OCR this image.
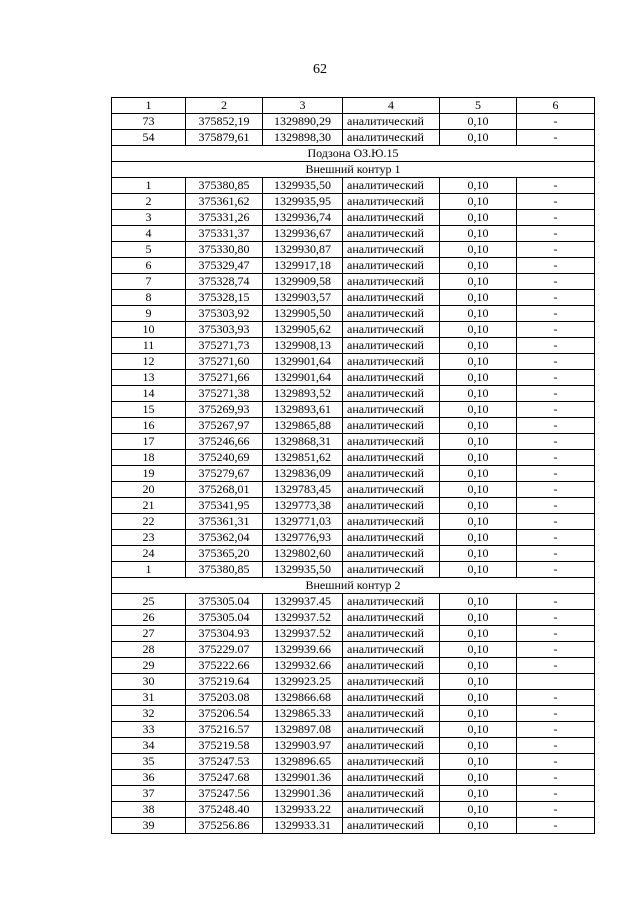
62
1	2	3	4	5	6
73	375852,19	1329890,29	аналитический	0,10	-
54	375879,61	1329898,30	аналитический	0,10	-
Подзона ОЗ.Ю.15					
Внешний контур 1					
1	375380,85	1329935,50	аналитический	0,10	-
2	375361,62	1329935,95	аналитический	0,10	-
3	375331,26	1329936,74	аналитический	0,10	-
4	375331,37	1329936,67	аналитический	0,10	-
5	375330,80	1329930,87	аналитический	0,10	-
6	375329,47	1329917,18	аналитический	0,10	-
7	375328,74	1329909,58	аналитический	0,10	-
8	375328,15	1329903,57	аналитический	0,10	-
9	375303,92	1329905,50	аналитический	0,10	-
10	375303,93	1329905,62	аналитический	0,10	-
11	375271,73	1329908,13	аналитический	0,10	-
12	375271,60	1329901,64	аналитический	0,10	-
13	375271,66	1329901,64	аналитический	0,10	-
14	375271,38	1329893,52	аналитический	0,10	-
15	375269,93	1329893,61	аналитический	0,10	-
16	375267,97	1329865,88	аналитический	0,10	-
17	375246,66	1329868,31	аналитический	0,10	-
18	375240,69	1329851,62	аналитический	0,10	-
19	375279,67	1329836,09	аналитический	0,10	-
20	375268,01	1329783,45	аналитический	0,10	-
21	375341,95	1329773,38	аналитический	0,10	-
22	375361,31	1329771,03	аналитический	0,10	-
23	375362,04	1329776,93	аналитический	0,10	-
24	375365,20	1329802,60	аналитический	0,10	-
1	375380,85	1329935,50	аналитический	0,10	-
Внешний контур 2					
25	375305.04	1329937.45	аналитический	0,10	-
26	375305.04	1329937.52	аналитический	0,10	-
27	375304.93	1329937.52	аналитический	0,10	-
28	375229.07	1329939.66	аналитический	0,10	-
29	375222.66	1329932.66	аналитический	0,10	-
30	375219.64	1329923.25	аналитический	0,10	
31	375203.08	1329866.68	аналитический	0,10	-
32	375206.54	1329865.33	аналитический	0,10	-
33	375216.57	1329897.08	аналитический	0,10	-
34	375219.58	1329903.97	аналитический	0,10	-
35	375247.53	1329896.65	аналитический	0,10	-
36	375247.68	1329901.36	аналитический	0,10	-
37	375247.56	1329901.36	аналитический	0,10	-
38	375248.40	1329933.22	аналитический	0,10	-
39	375256.86	1329933.31	аналитический	0,10	-
